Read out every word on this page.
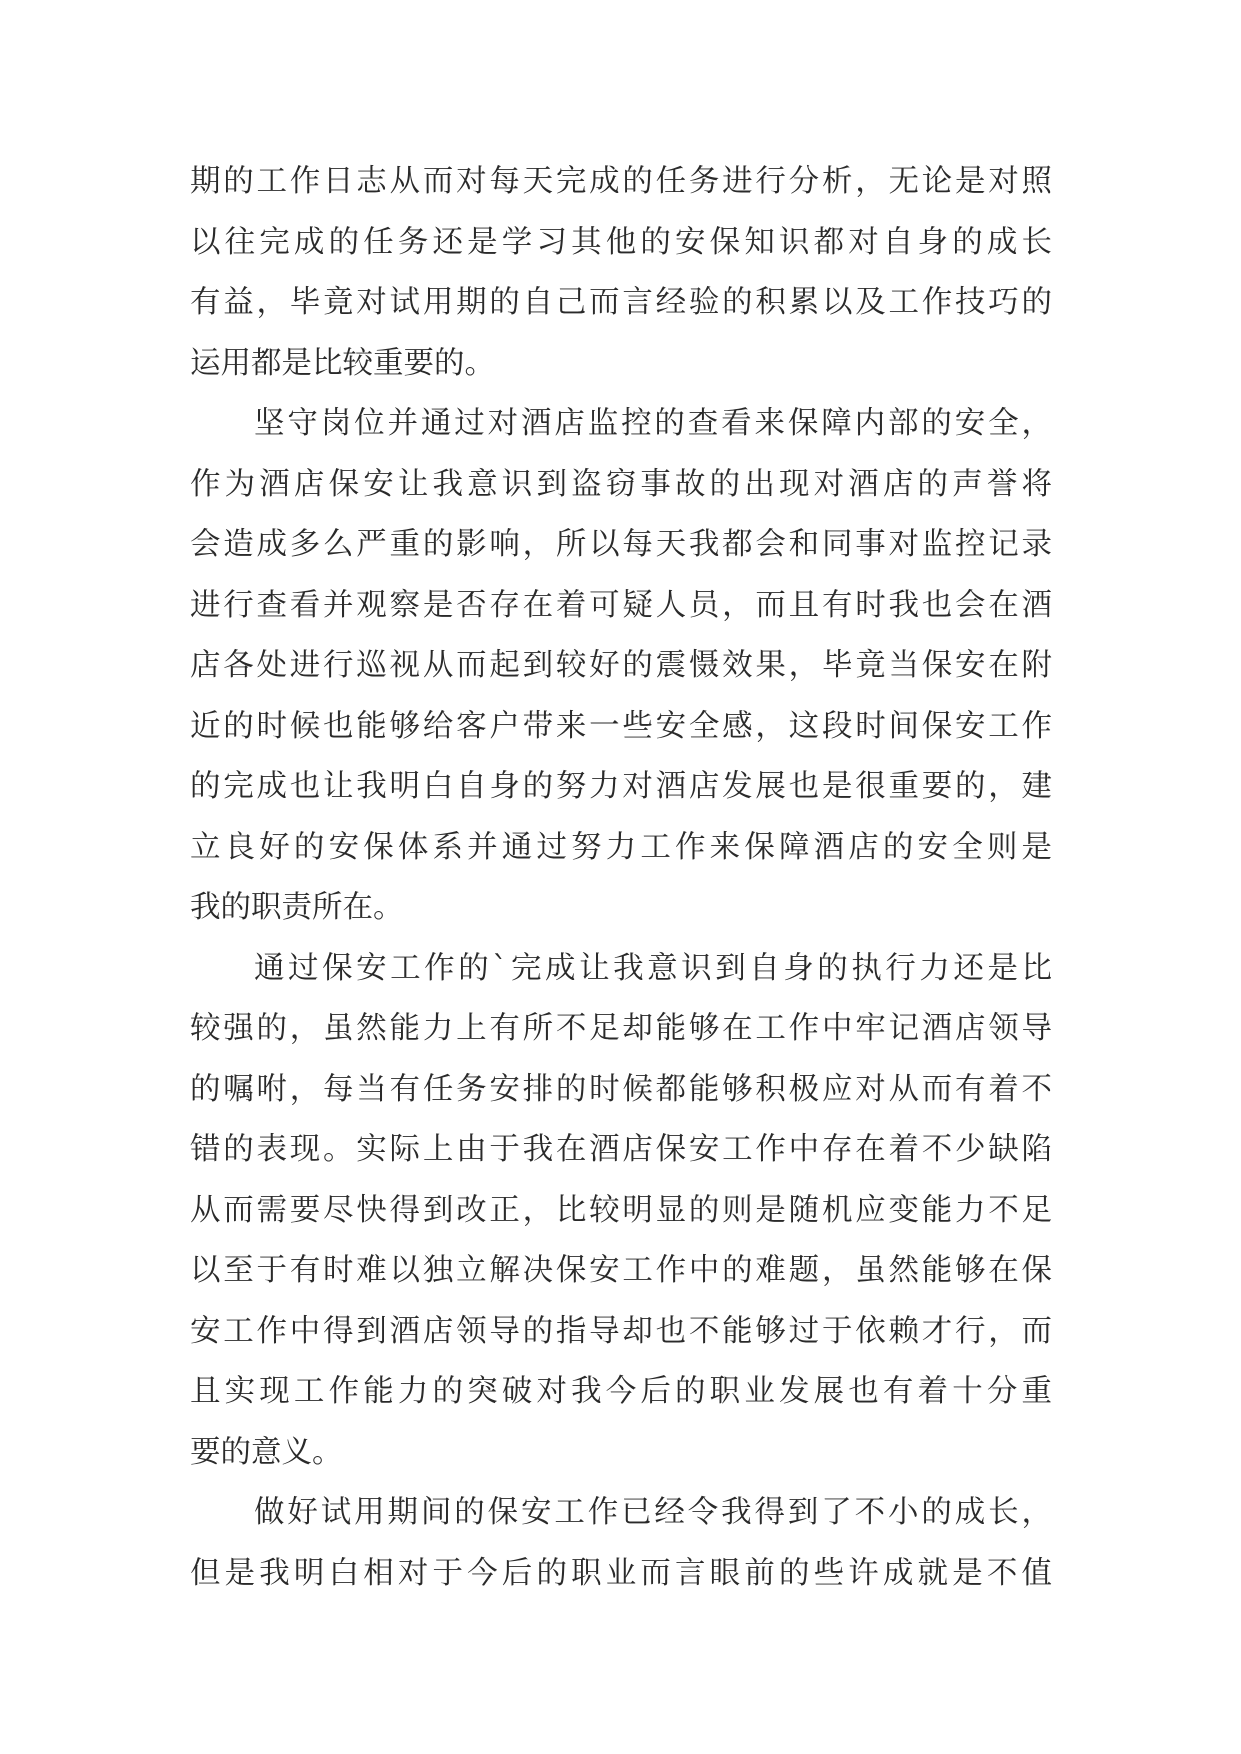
期的工作日志从而对每天完成的任务进行分析，无论是对照
以往完成的任务还是学习其他的安保知识都对自身的成长
有益，毕竟对试用期的自己而言经验的积累以及工作技巧的
运用都是比较重要的。
坚守岗位并通过对酒店监控的查看来保障内部的安全，
作为酒店保安让我意识到盗窃事故的出现对酒店的声誉将
会造成多么严重的影响，所以每天我都会和同事对监控记录
进行查看并观察是否存在着可疑人员，而且有时我也会在酒
店各处进行巡视从而起到较好的震慑效果，毕竟当保安在附
近的时候也能够给客户带来一些安全感，这段时间保安工作
的完成也让我明白自身的努力对酒店发展也是很重要的，建
立良好的安保体系并通过努力工作来保障酒店的安全则是
我的职责所在。
通过保安工作的`完成让我意识到自身的执行力还是比
较强的，虽然能力上有所不足却能够在工作中牢记酒店领导
的嘱咐，每当有任务安排的时候都能够积极应对从而有着不
错的表现。实际上由于我在酒店保安工作中存在着不少缺陷
从而需要尽快得到改正，比较明显的则是随机应变能力不足
以至于有时难以独立解决保安工作中的难题，虽然能够在保
安工作中得到酒店领导的指导却也不能够过于依赖才行，而
且实现工作能力的突破对我今后的职业发展也有着十分重
要的意义。
做好试用期间的保安工作已经令我得到了不小的成长，
但是我明白相对于今后的职业而言眼前的些许成就是不值
